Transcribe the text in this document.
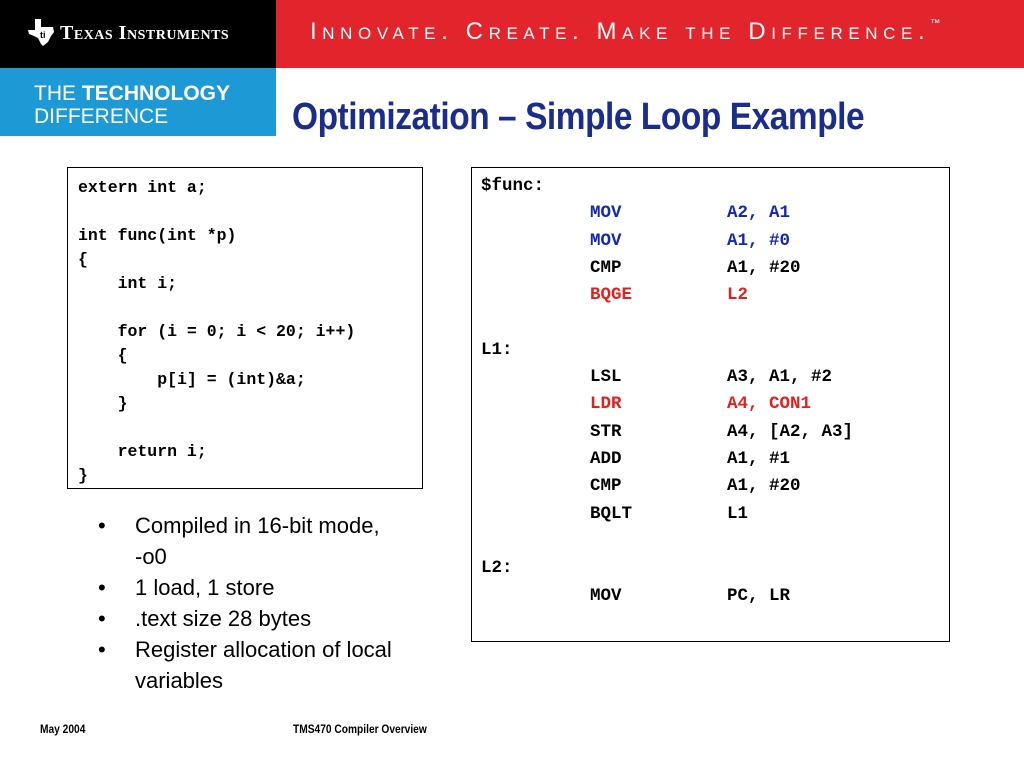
ti Texas Instruments	Innovate. Create. Make the Difference.™
THE TECHNOLOGY
DIFFERENCE	Optimization – Simple Loop Example
extern int a;

int func(int *p)
{
int i;

for (i = 0; i < 20; i++)
{
p[i] = (int)&a;
}

return i;
}
$func:
MOV	A2, A1
MOV	A1, #0
CMP	A1, #20
BQGE	L2
L1:
LSL	A3, A1, #2
LDR	A4, CON1
STR	A4, [A2, A3]
ADD	A1, #1
CMP	A1, #20
BQLT	L1
L2:
MOV	PC, LR
• Compiled in 16-bit mode, -o0
• 1 load, 1 store
• .text size 28 bytes
• Register allocation of local variables
May 2004	TMS470 Compiler Overview
